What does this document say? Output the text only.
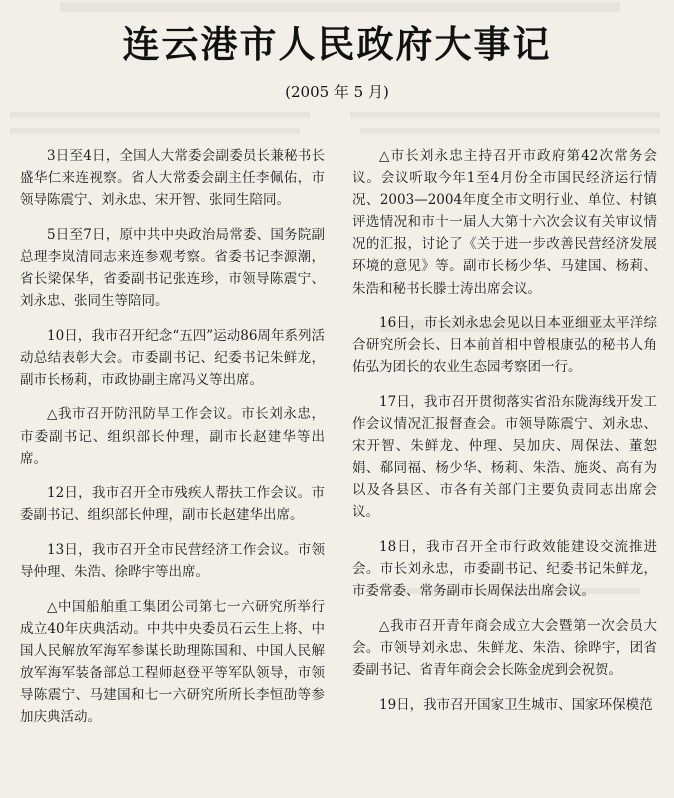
连云港市人民政府大事记
(2005 年 5 月)

3日至4日，全国人大常委会副委员长兼秘书长盛华仁来连视察。省人大常委会副主任李佩佑，市领导陈震宁、刘永忠、宋开智、张同生陪同。

5日至7日，原中共中央政治局常委、国务院副总理李岚清同志来连参观考察。省委书记李源潮，省长梁保华，省委副书记张连珍，市领导陈震宁、刘永忠、张同生等陪同。

10日，我市召开纪念“五四”运动86周年系列活动总结表彰大会。市委副书记、纪委书记朱鲜龙，副市长杨莉，市政协副主席冯义等出席。

△我市召开防汛防旱工作会议。市长刘永忠，市委副书记、组织部长仲理，副市长赵建华等出席。

12日，我市召开全市残疾人帮扶工作会议。市委副书记、组织部长仲理，副市长赵建华出席。

13日，我市召开全市民营经济工作会议。市领导仲理、朱浩、徐晔宇等出席。

△中国船舶重工集团公司第七一六研究所举行成立40年庆典活动。中共中央委员石云生上将、中国人民解放军海军参谋长助理陈国和、中国人民解放军海军装备部总工程师赵登平等军队领导，市领导陈震宁、马建国和七一六研究所所长李恒劭等参加庆典活动。

△市长刘永忠主持召开市政府第42次常务会议。会议听取今年1至4月份全市国民经济运行情况、2003—2004年度全市文明行业、单位、村镇评选情况和市十一届人大第十六次会议有关审议情况的汇报，讨论了《关于进一步改善民营经济发展环境的意见》等。副市长杨少华、马建国、杨莉、朱浩和秘书长滕士涛出席会议。

16日，市长刘永忠会见以日本亚细亚太平洋综合研究所会长、日本前首相中曾根康弘的秘书人角佑弘为团长的农业生态园考察团一行。

17日，我市召开贯彻落实省沿东陇海线开发工作会议情况汇报督查会。市领导陈震宁、刘永忠、宋开智、朱鲜龙、仲理、吴加庆、周保法、董恕娟、郗同福、杨少华、杨莉、朱浩、施炎、高有为以及各县区、市各有关部门主要负责同志出席会议。

18日，我市召开全市行政效能建设交流推进会。市长刘永忠，市委副书记、纪委书记朱鲜龙，市委常委、常务副市长周保法出席会议。

△我市召开青年商会成立大会暨第一次会员大会。市领导刘永忠、朱鲜龙、朱浩、徐晔宇，团省委副书记、省青年商会会长陈金虎到会祝贺。

19日，我市召开国家卫生城市、国家环保模范
